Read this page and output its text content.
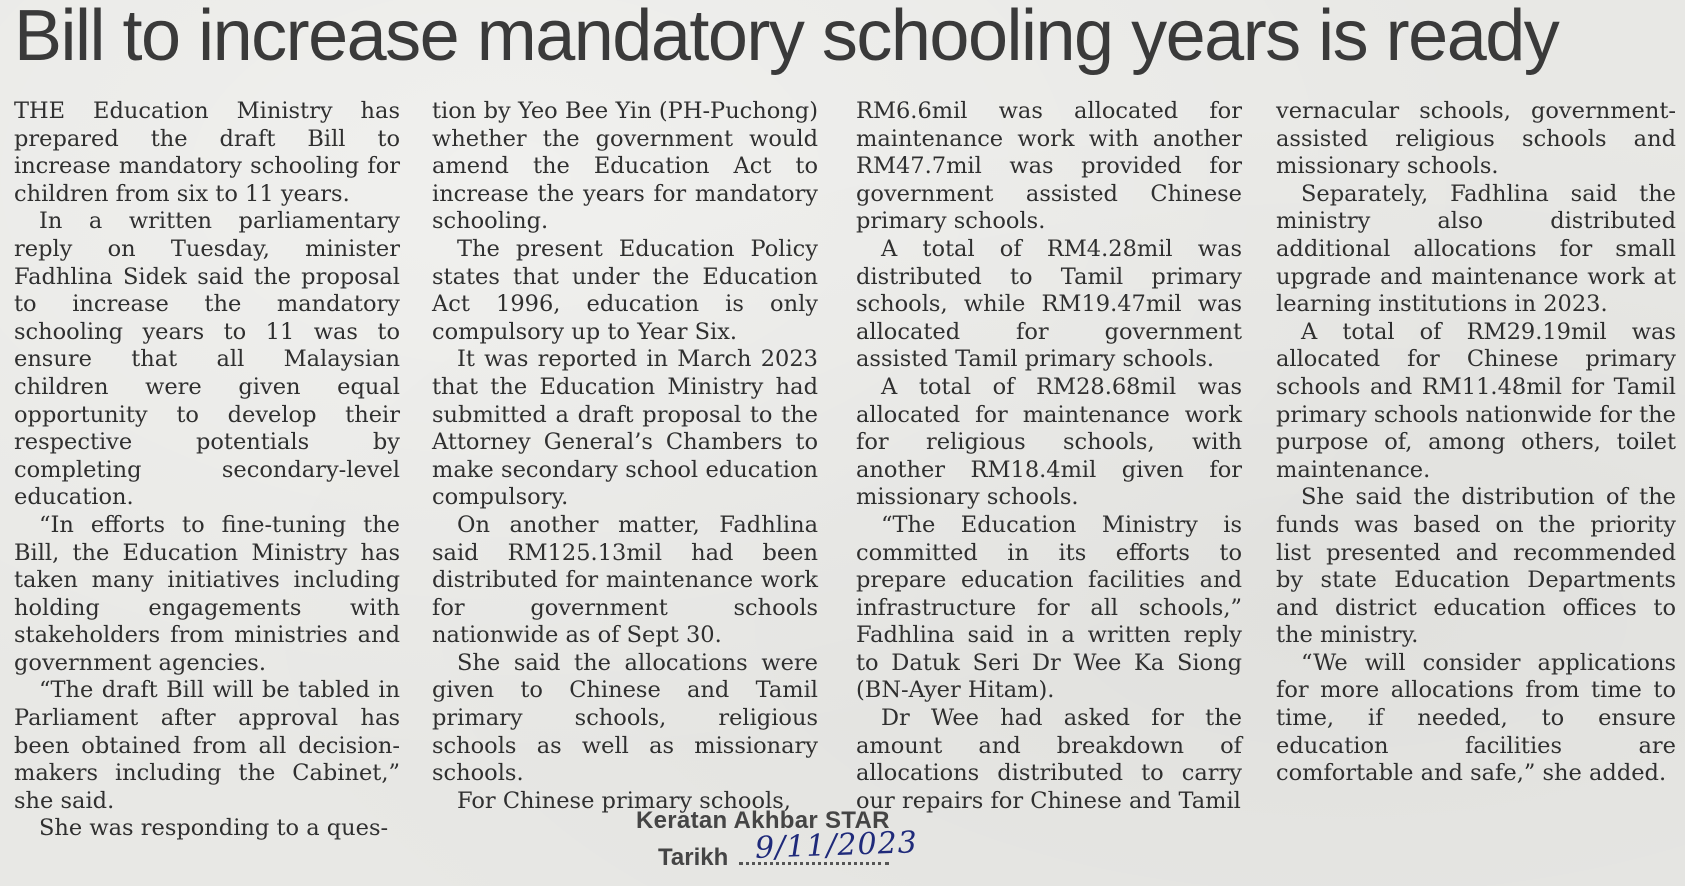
Bill to increase mandatory schooling years is ready

THE Education Ministry has prepared the draft Bill to increase mandatory schooling for children from six to 11 years.

In a written parliamentary reply on Tuesday, minister Fadhlina Sidek said the proposal to increase the mandatory schooling years to 11 was to ensure that all Malaysian children were given equal opportunity to develop their respective potentials by completing secondary-level education.

“In efforts to fine-tuning the Bill, the Education Ministry has taken many initiatives including holding engagements with stakeholders from ministries and government agencies.

“The draft Bill will be tabled in Parliament after approval has been obtained from all decision-makers including the Cabinet,” she said.

She was responding to a ques-

tion by Yeo Bee Yin (PH-Puchong) whether the government would amend the Education Act to increase the years for mandatory schooling.

The present Education Policy states that under the Education Act 1996, education is only compulsory up to Year Six.

It was reported in March 2023 that the Education Ministry had submitted a draft proposal to the Attorney General’s Chambers to make secondary school education compulsory.

On another matter, Fadhlina said RM125.13mil had been distributed for maintenance work for government schools nationwide as of Sept 30.

She said the allocations were given to Chinese and Tamil primary schools, religious schools as well as missionary schools.

For Chinese primary schools,

RM6.6mil was allocated for maintenance work with another RM47.7mil was provided for government assisted Chinese primary schools.

A total of RM4.28mil was distributed to Tamil primary schools, while RM19.47mil was allocated for government assisted Tamil primary schools.

A total of RM28.68mil was allocated for maintenance work for religious schools, with another RM18.4mil given for missionary schools.

“The Education Ministry is committed in its efforts to prepare education facilities and infrastructure for all schools,” Fadhlina said in a written reply to Datuk Seri Dr Wee Ka Siong (BN-Ayer Hitam).

Dr Wee had asked for the amount and breakdown of allocations distributed to carry our repairs for Chinese and Tamil

vernacular schools, government-assisted religious schools and missionary schools.

Separately, Fadhlina said the ministry also distributed additional allocations for small upgrade and maintenance work at learning institutions in 2023.

A total of RM29.19mil was allocated for Chinese primary schools and RM11.48mil for Tamil primary schools nationwide for the purpose of, among others, toilet maintenance.

She said the distribution of the funds was based on the priority list presented and recommended by state Education Departments and district education offices to the ministry.

“We will consider applications for more allocations from time to time, if needed, to ensure education facilities are comfortable and safe,” she added.

Keratan Akhbar STAR
Tarikh 9/11/2023
